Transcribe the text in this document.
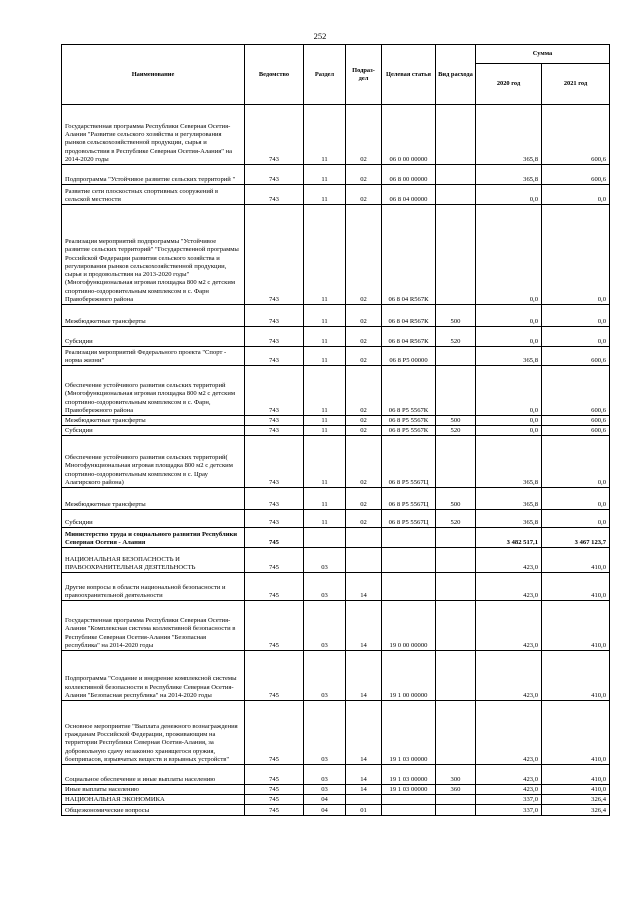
252
Наименование	Ведомство	Раздел	Подраз-дел	Целевая статья	Вид расхода	Сумма	
						2020 год	2021 год
Государственная программа Республики Северная Осетия-Алания "Развитие сельского хозяйства и регулирования рынков сельскохозяйственной продукции, сырья и продовольствия в Республике Северная Осетия-Алания" на 2014-2020 годы	743	11	02	06 0 00 00000		365,8	600,6
Подпрограмма "Устойчивое развитие сельских территорий "	743	11	02	06 8 00 00000		365,8	600,6
Развитие сети плоскостных спортивных сооружений в сельской местности	743	11	02	06 8 04 00000		0,0	0,0
Реализация мероприятий подпрограммы "Устойчивое развитие сельских территорий" "Государственной программы Российской Федерации развития сельского хозяйства и регулирования рынков сельскохозяйственной продукции, сырья и продовольствия на 2013-2020 годы" (Многофункциональная игровая площадка 800 м2 с детским спортивно-оздоровительным комплексом в с. Фарн Правобережного района	743	11	02	06 8 04 R567К		0,0	0,0
Межбюджетные трансферты	743	11	02	06 8 04 R567К	500	0,0	0,0
Субсидии	743	11	02	06 8 04 R567К	520	0,0	0,0
Реализация мероприятий Федерального проекта "Спорт - норма жизни"	743	11	02	06 8 P5 00000		365,8	600,6
Обеспечение устойчивого развития сельских территорий (Многофункциональная игровая площадка 800 м2 с детским спортивно-оздоровительным комплексом в с. Фарн, Правобережного района	743	11	02	06 8 P5 5567К		0,0	600,6
Межбюджетные трансферты	743	11	02	06 8 P5 5567К	500	0,0	600,6
Субсидии	743	11	02	06 8 P5 5567К	520	0,0	600,6
Обеспечение устойчивого развития сельских территорий( Многофункциональная игровая площадка 800 м2 с детским спортивно-оздоровительным комплексом в с. Црау Алагирского района)	743	11	02	06 8 P5 5567Ц		365,8	0,0
Межбюджетные трансферты	743	11	02	06 8 P5 5567Ц	500	365,8	0,0
Субсидии	743	11	02	06 8 P5 5567Ц	520	365,8	0,0
Министерство труда и социального развития Республики Северная Осетия - Алания	745					3 482 517,1	3 467 123,7
НАЦИОНАЛЬНАЯ БЕЗОПАСНОСТЬ И ПРАВООХРАНИТЕЛЬНАЯ ДЕЯТЕЛЬНОСТЬ	745	03				423,0	410,0
Другие вопросы в области национальной безопасности и правоохранительной деятельности	745	03	14			423,0	410,0
Государственная программа Республики Северная Осетия-Алания "Комплексная система коллективной безопасности в Республике Северная Осетия-Алания "Безопасная республика" на 2014-2020 годы	745	03	14	19 0 00 00000		423,0	410,0
Подпрограмма "Создание и внедрение комплексной системы коллективной безопасности в Республике Северная Осетия-Алания "Безопасная республика" на 2014-2020 годы	745	03	14	19 1 00 00000		423,0	410,0
Основное мероприятие "Выплата денежного вознаграждения гражданам Российской Федерации, проживающим на территории Республики Северная Осетия-Алания, за добровольную сдачу незаконно хранящегося оружия, боеприпасов, взрывчатых веществ и взрывных устройств"	745	03	14	19 1 03 00000		423,0	410,0
Социальное обеспечение и иные выплаты населению	745	03	14	19 1 03 00000	300	423,0	410,0
Иные выплаты населению	745	03	14	19 1 03 00000	360	423,0	410,0
НАЦИОНАЛЬНАЯ ЭКОНОМИКА	745	04				337,0	326,4
Общеэкономические вопросы	745	04	01			337,0	326,4
